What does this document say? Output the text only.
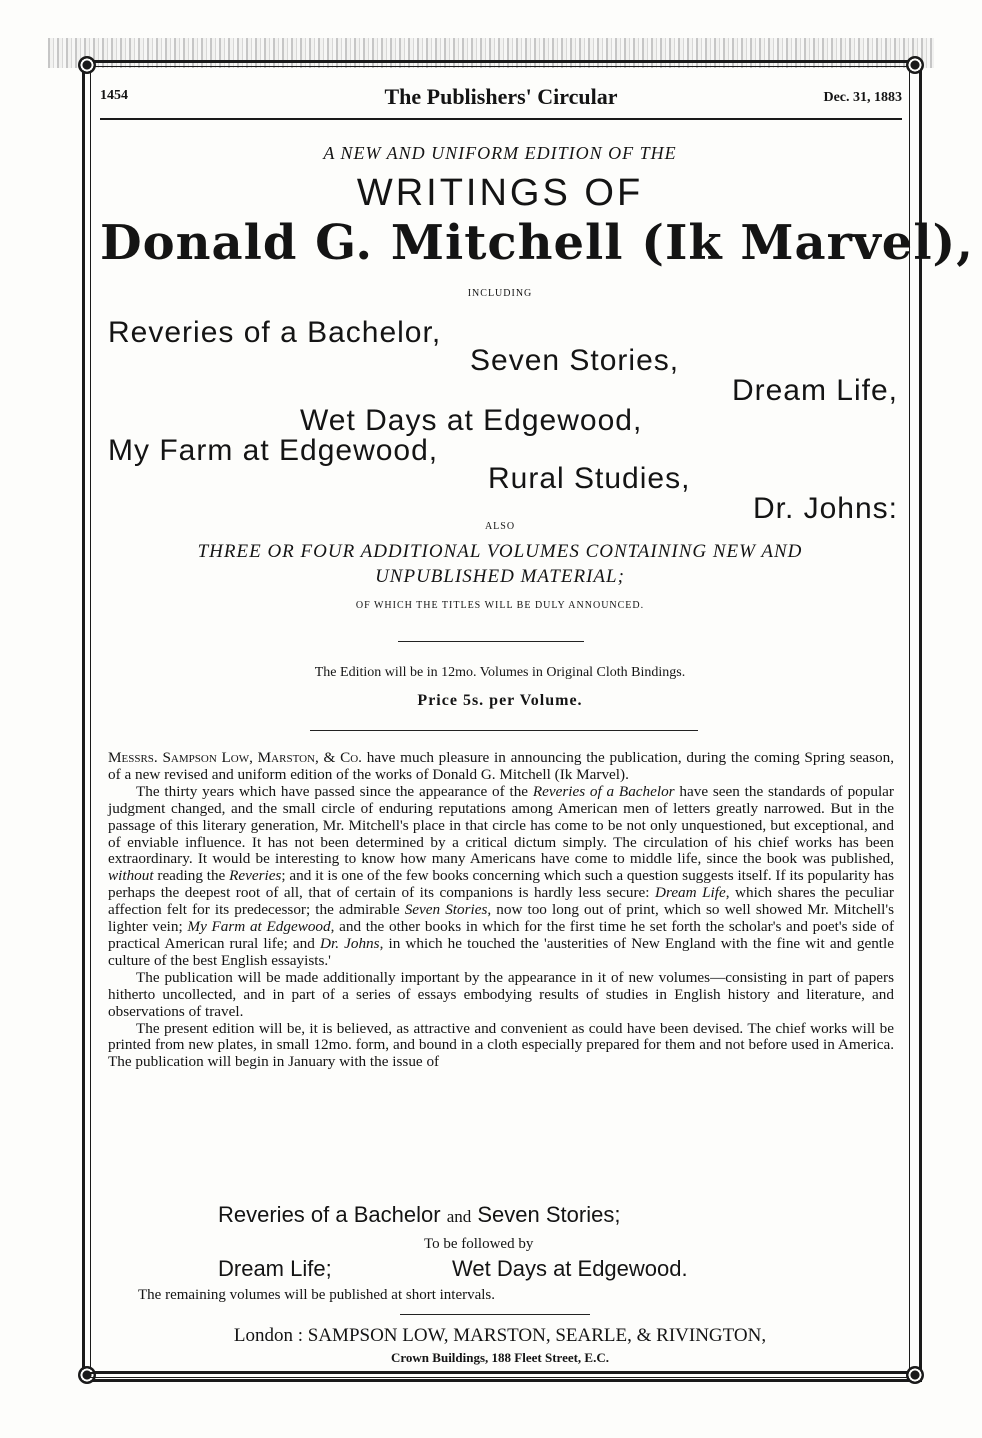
1454	The Publishers' Circular	Dec. 31, 1883
A NEW AND UNIFORM EDITION OF THE
WRITINGS OF
Donald G. Mitchell (Ik Marvel),
INCLUDING
Reveries of a Bachelor,
Seven Stories,
Dream Life,
Wet Days at Edgewood,
My Farm at Edgewood,
Rural Studies,
Dr. Johns:
ALSO
THREE OR FOUR ADDITIONAL VOLUMES CONTAINING NEW AND
UNPUBLISHED MATERIAL;
OF WHICH THE TITLES WILL BE DULY ANNOUNCED.
The Edition will be in 12mo. Volumes in Original Cloth Bindings.
Price 5s. per Volume.

Messrs. Sampson Low, Marston, & Co. have much pleasure in announcing the publication, during the coming Spring season, of a new revised and uniform edition of the works of Donald G. Mitchell (Ik Marvel).

The thirty years which have passed since the appearance of the Reveries of a Bachelor have seen the standards of popular judgment changed, and the small circle of enduring reputations among American men of letters greatly narrowed. But in the passage of this literary generation, Mr. Mitchell's place in that circle has come to be not only unquestioned, but exceptional, and of enviable influence. It has not been determined by a critical dictum simply. The circulation of his chief works has been extraordinary. It would be interesting to know how many Americans have come to middle life, since the book was published, without reading the Reveries; and it is one of the few books concerning which such a question suggests itself. If its popularity has perhaps the deepest root of all, that of certain of its companions is hardly less secure: Dream Life, which shares the peculiar affection felt for its predecessor; the admirable Seven Stories, now too long out of print, which so well showed Mr. Mitchell's lighter vein; My Farm at Edgewood, and the other books in which for the first time he set forth the scholar's and poet's side of practical American rural life; and Dr. Johns, in which he touched the 'austerities of New England with the fine wit and gentle culture of the best English essayists.'

The publication will be made additionally important by the appearance in it of new volumes—consisting in part of papers hitherto uncollected, and in part of a series of essays embodying results of studies in English history and literature, and observations of travel.

The present edition will be, it is believed, as attractive and convenient as could have been devised. The chief works will be printed from new plates, in small 12mo. form, and bound in a cloth especially prepared for them and not before used in America. The publication will begin in January with the issue of

Reveries of a Bachelor and Seven Stories;
To be followed by
Dream Life;	Wet Days at Edgewood.
The remaining volumes will be published at short intervals.
London : SAMPSON LOW, MARSTON, SEARLE, & RIVINGTON,
Crown Buildings, 188 Fleet Street, E.C.
